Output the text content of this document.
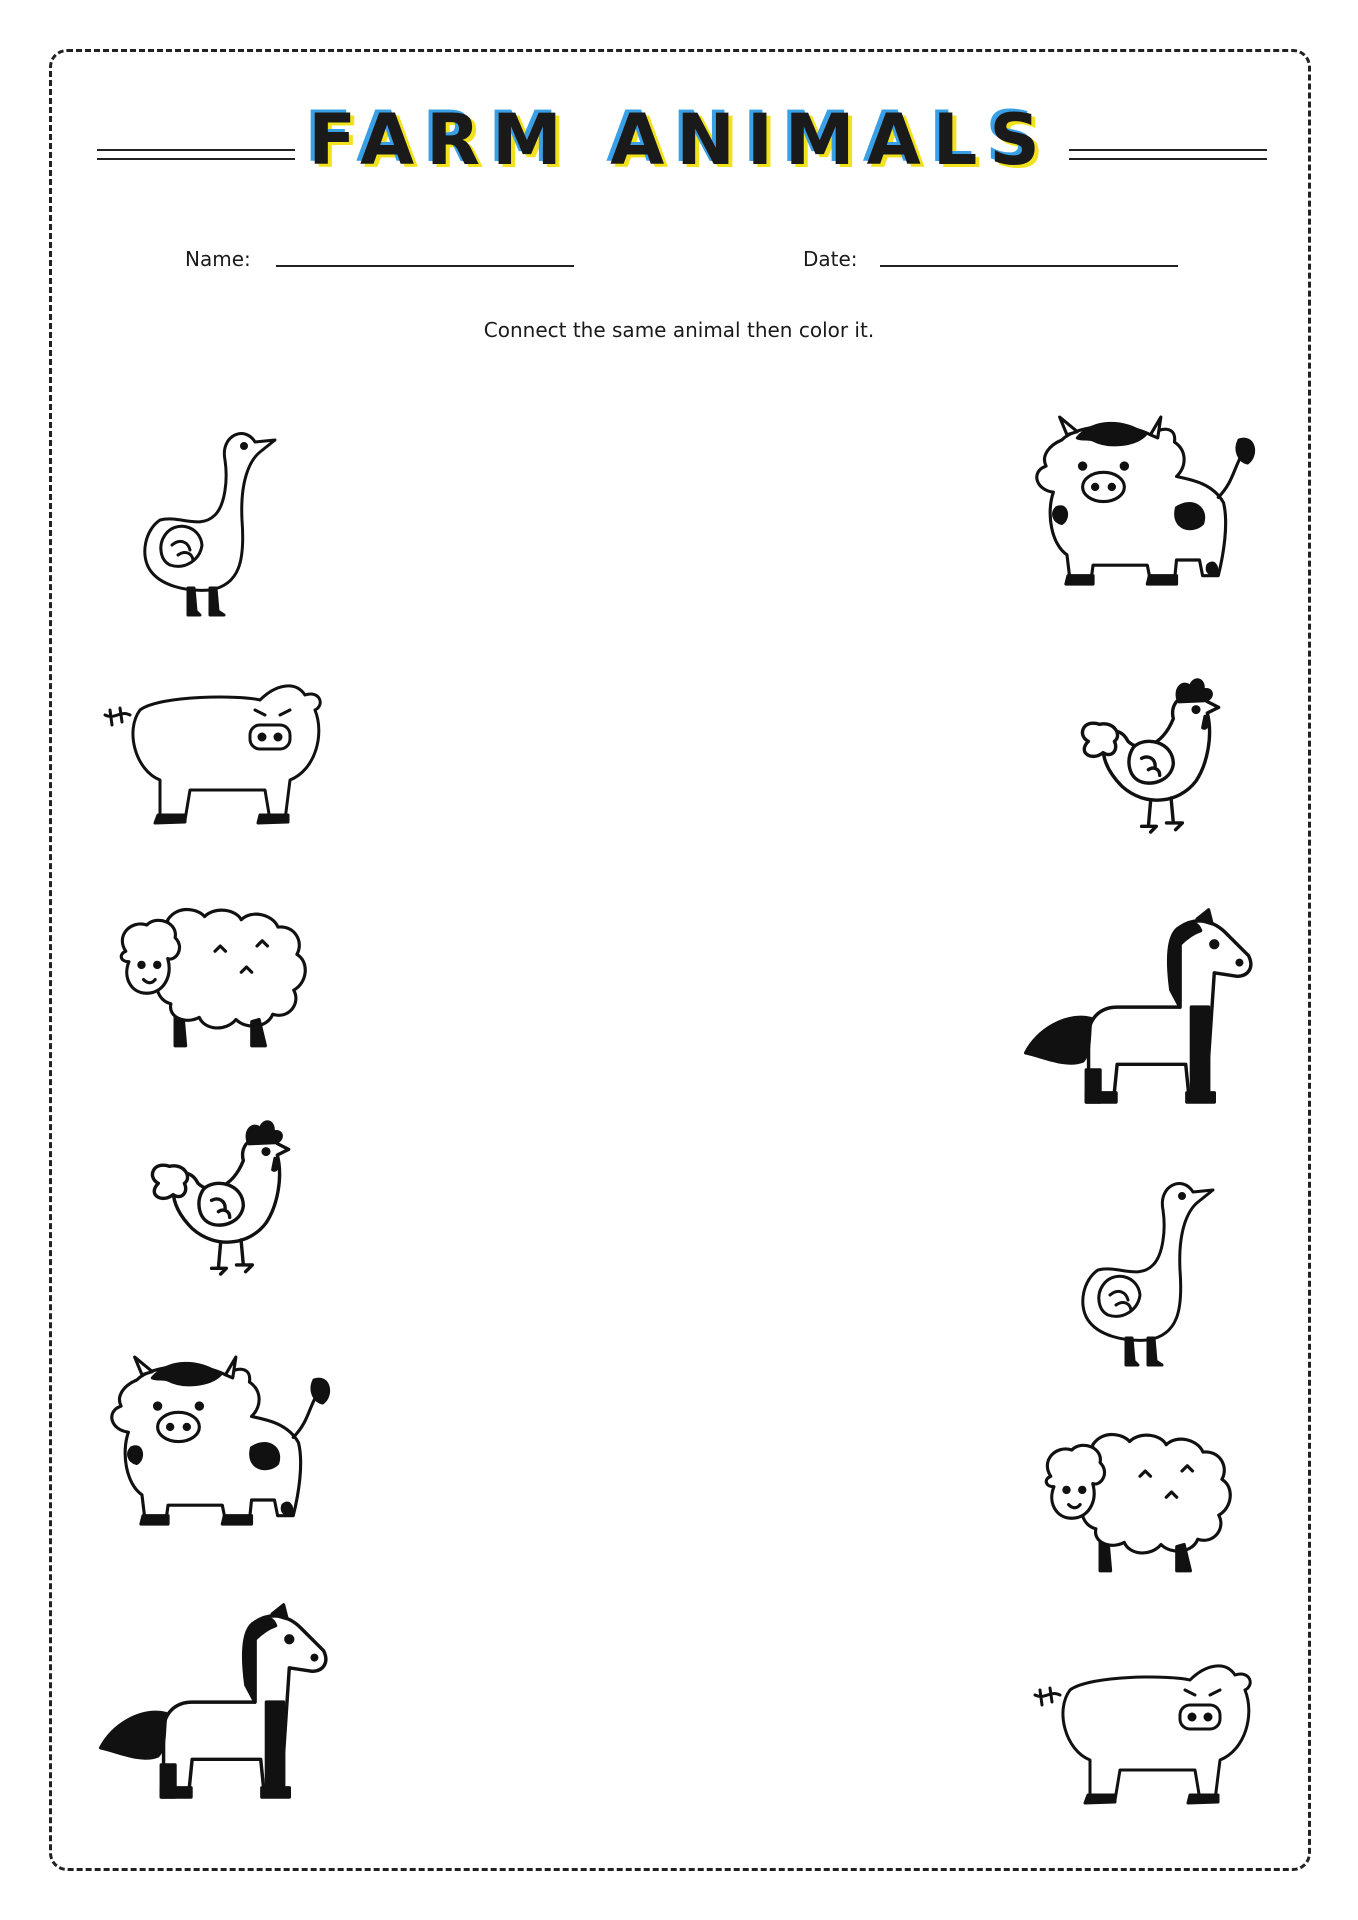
FARM ANIMALS
Name:	Date:
Connect the same animal then color it.
